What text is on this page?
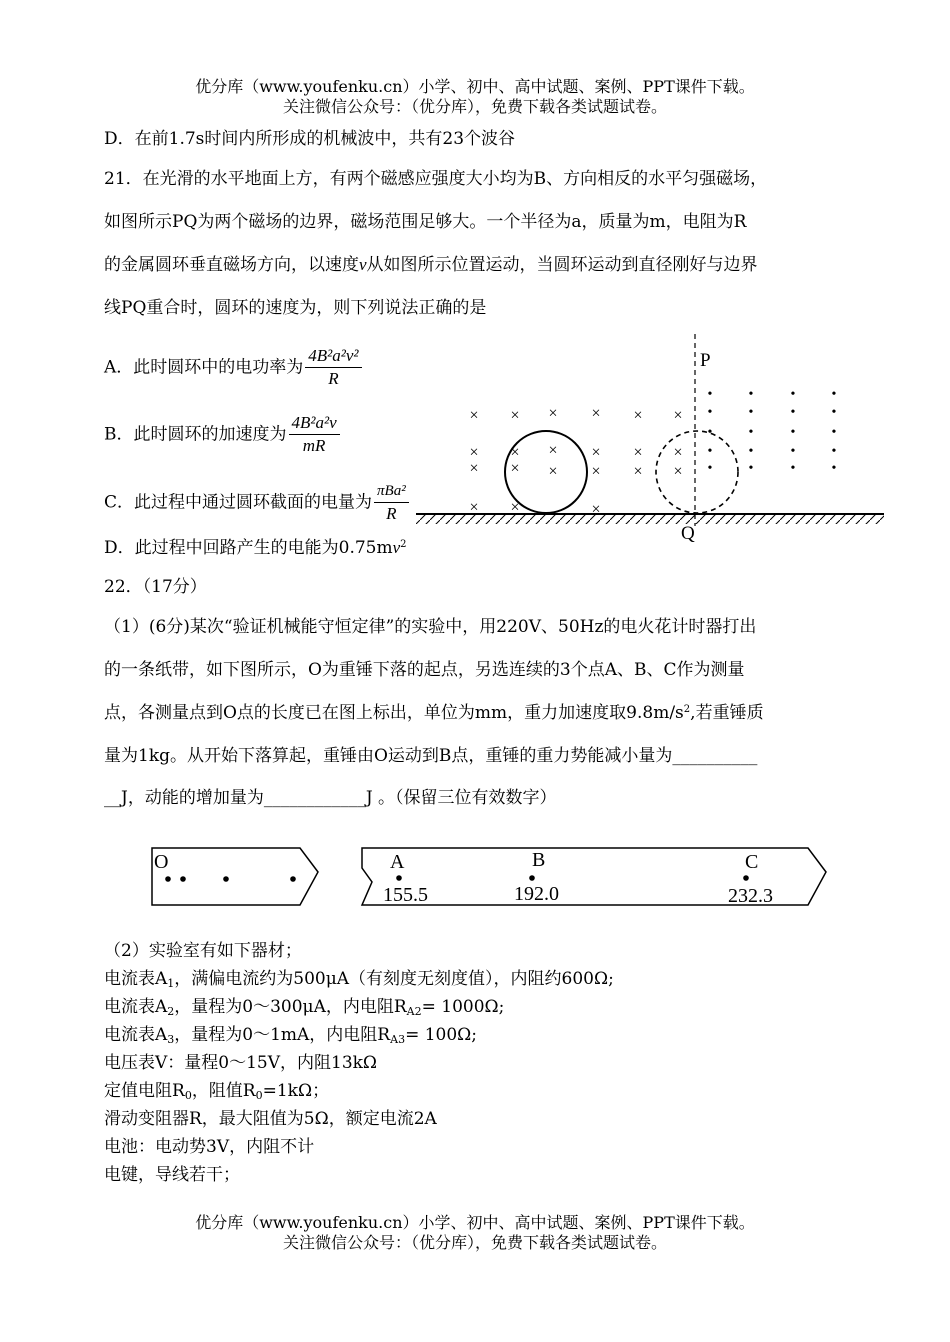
优分库（www.youfenku.cn）小学、初中、高中试题、案例、PPT课件下载。
关注微信公众号：（优分库），免费下载各类试题试卷。
D．在前1.7s时间内所形成的机械波中，共有23个波谷
21．在光滑的水平地面上方，有两个磁感应强度大小均为B、方向相反的水平匀强磁场，
如图所示PQ为两个磁场的边界，磁场范围足够大。一个半径为a，质量为m，电阻为R
的金属圆环垂直磁场方向，以速度v从如图所示位置运动，当圆环运动到直径刚好与边界
线PQ重合时，圆环的速度为，则下列说法正确的是
A．此时圆环中的电功率为 $\frac{\text{4B²a²v²}}{R}$
B．此时圆环的加速度为 $\frac{\text{4B²a²v}}{mR}$
C．此过程中通过圆环截面的电量为 $\frac{\text{πBa²}}{R}$
D．此过程中回路产生的电能为$0.75mv^2$
× × × × × ×
× × × × × ×
× × × × × ×
× ×	×
•	•	•	•
•	•	•	•
•	•	•	•
•	•	•	•
•	•	•	•
P
Q
22．（17分）
（1）(6分)某次“验证机械能守恒定律”的实验中，用220V、50Hz的电火花计时器打出
的一条纸带，如下图所示，O为重锤下落的起点，另选连续的3个点A、B、C作为测量
点，各测量点到O点的长度已在图上标出，单位为mm，重力加速度取$9.8m/s^2$,若重锤质
量为1kg。从开始下落算起，重锤由O运动到B点，重锤的重力势能减小量为__________
__J，动能的增加量为____________J 。（保留三位有效数字）
O	A
155.5
B
192.0
C
232.3
（2）实验室有如下器材；
电流表$A_1$，满偏电流约为500μA（有刻度无刻度值），内阻约600Ω;
电流表$A_2$，量程为0～300μA，内电阻$R_{A2}= 1000\Omega$;
电流表$A_3$，量程为0～1mA，内电阻$R_{A3}= 100\Omega$;
电压表V：量程0～15V，内阻13kΩ
定值电阻$R_0$，阻值$R_0=1k\Omega$；
滑动变阻器R，最大阻值为5Ω，额定电流2A
电池：电动势3V，内阻不计
电键，导线若干；
优分库（www.youfenku.cn）小学、初中、高中试题、案例、PPT课件下载。
关注微信公众号：（优分库），免费下载各类试题试卷。
